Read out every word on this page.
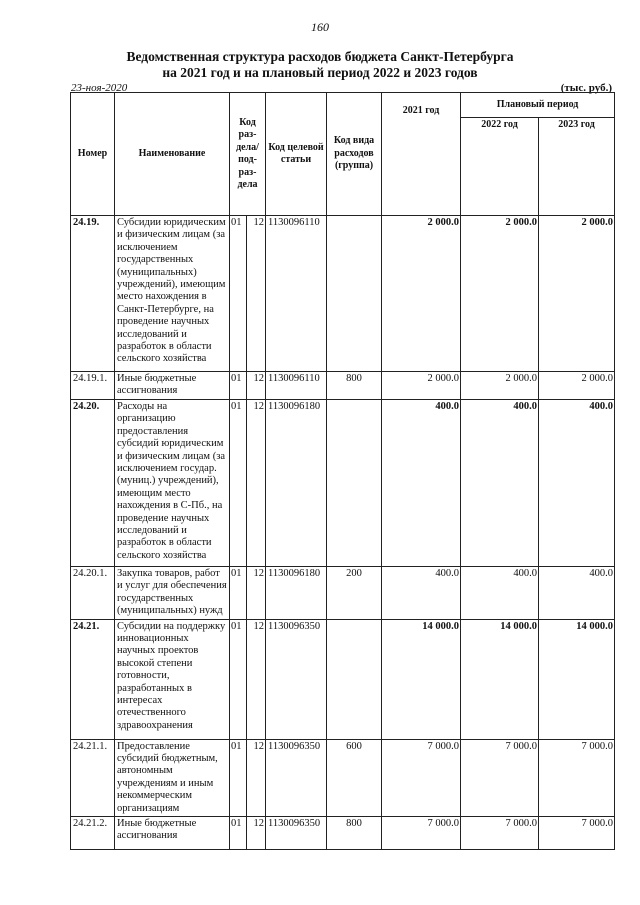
160
Ведомственная структура расходов бюджета Санкт-Петербурга
на 2021 год и на плановый период 2022 и 2023 годов
23-ноя-2020	(тыс. руб.)
Номер	Наименование	Код раз-дела/ под-раз-дела		Код целевой статьи	Код вида расходов (группа)	2021 год	Плановый период	
							2022 год	2023 год
24.19.	Субсидии юридическим и физическим лицам (за исключением государственных (муниципальных) учреждений), имеющим место нахождения в Санкт-Петербурге, на проведение научных исследований и разработок в области сельского хозяйства	01	12	1130096110		2 000.0	2 000.0	2 000.0
24.19.1.	Иные бюджетные ассигнования	01	12	1130096110	800	2 000.0	2 000.0	2 000.0
24.20.	Расходы на организацию предоставления субсидий юридическим и физическим лицам (за исключением государ. (муниц.) учреждений), имеющим место нахождения в С-Пб., на проведение научных исследований и разработок в области сельского хозяйства	01	12	1130096180		400.0	400.0	400.0
24.20.1.	Закупка товаров, работ и услуг для обеспечения государственных (муниципальных) нужд	01	12	1130096180	200	400.0	400.0	400.0
24.21.	Субсидии на поддержку инновационных научных проектов высокой степени готовности, разработанных в интересах отечественного здравоохранения	01	12	1130096350		14 000.0	14 000.0	14 000.0
24.21.1.	Предоставление субсидий бюджетным, автономным учреждениям и иным некоммерческим организациям	01	12	1130096350	600	7 000.0	7 000.0	7 000.0
24.21.2.	Иные бюджетные ассигнования	01	12	1130096350	800	7 000.0	7 000.0	7 000.0
